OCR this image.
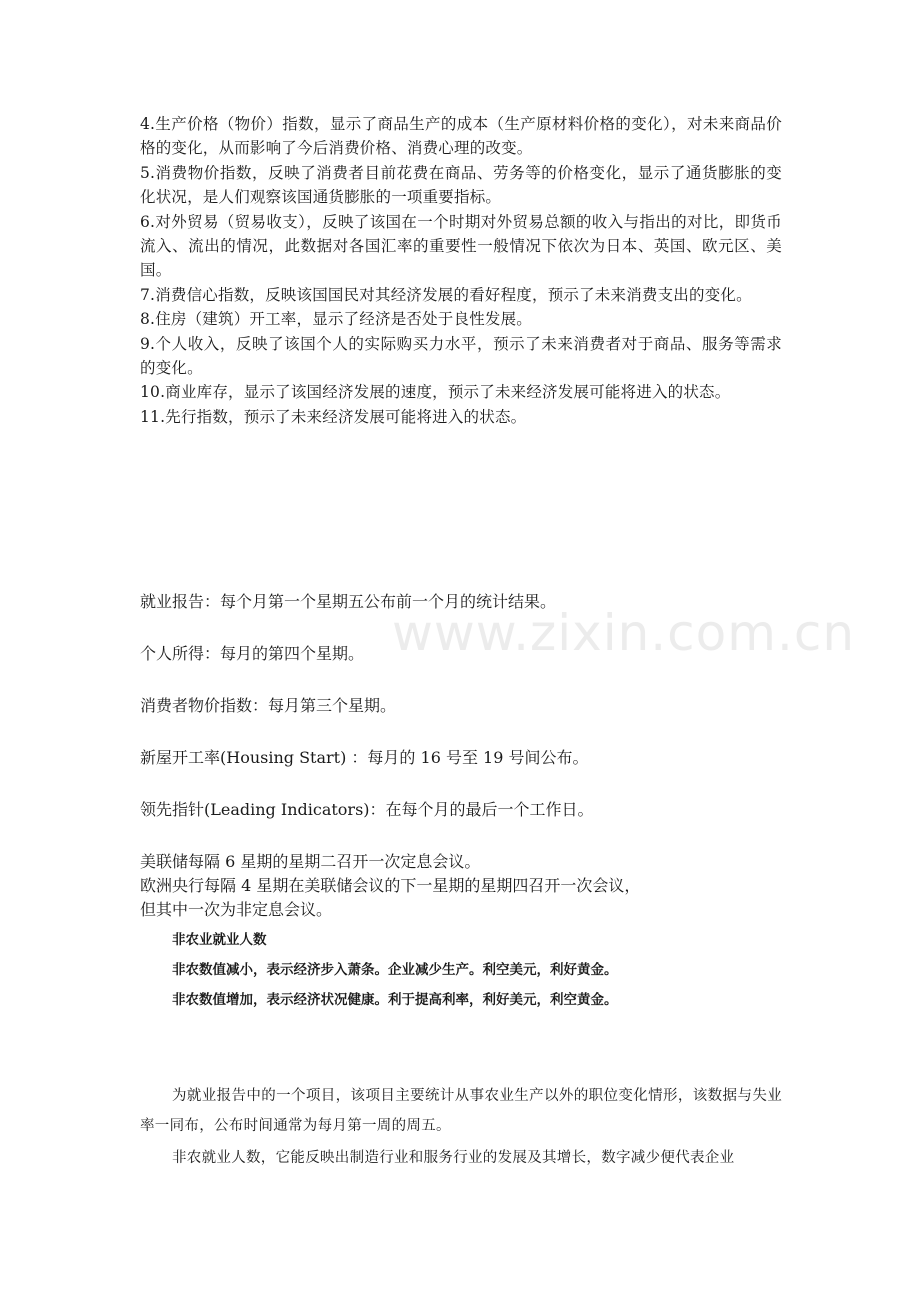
www.zixin.com.cn

4.生产价格（物价）指数，显示了商品生产的成本（生产原材料价格的变化），对未来商品价格的变化，从而影响了今后消费价格、消费心理的改变。

5.消费物价指数，反映了消费者目前花费在商品、劳务等的价格变化，显示了通货膨胀的变化状况，是人们观察该国通货膨胀的一项重要指标。

6.对外贸易（贸易收支），反映了该国在一个时期对外贸易总额的收入与指出的对比，即货币流入、流出的情况，此数据对各国汇率的重要性一般情况下依次为日本、英国、欧元区、美国。

7.消费信心指数，反映该国国民对其经济发展的看好程度，预示了未来消费支出的变化。

8.住房（建筑）开工率，显示了经济是否处于良性发展。

9.个人收入，反映了该国个人的实际购买力水平，预示了未来消费者对于商品、服务等需求的变化。

10.商业库存，显示了该国经济发展的速度，预示了未来经济发展可能将进入的状态。

11.先行指数，预示了未来经济发展可能将进入的状态。

就业报告：每个月第一个星期五公布前一个月的统计结果。

个人所得：每月的第四个星期。

消费者物价指数：每月第三个星期。

新屋开工率(Housing Start) ：每月的 16 号至 19 号间公布。

领先指针(Leading Indicators)：在每个月的最后一个工作日。

美联储每隔 6 星期的星期二召开一次定息会议。

欧洲央行每隔 4 星期在美联储会议的下一星期的星期四召开一次会议，

但其中一次为非定息会议。

非农业就业人数

非农数值减小，表示经济步入萧条。企业减少生产。利空美元，利好黄金。

非农数值增加，表示经济状况健康。利于提高利率，利好美元，利空黄金。

为就业报告中的一个项目，该项目主要统计从事农业生产以外的职位变化情形，该数据与失业率一同布，公布时间通常为每月第一周的周五。

非农就业人数，它能反映出制造行业和服务行业的发展及其增长，数字减少便代表企业
